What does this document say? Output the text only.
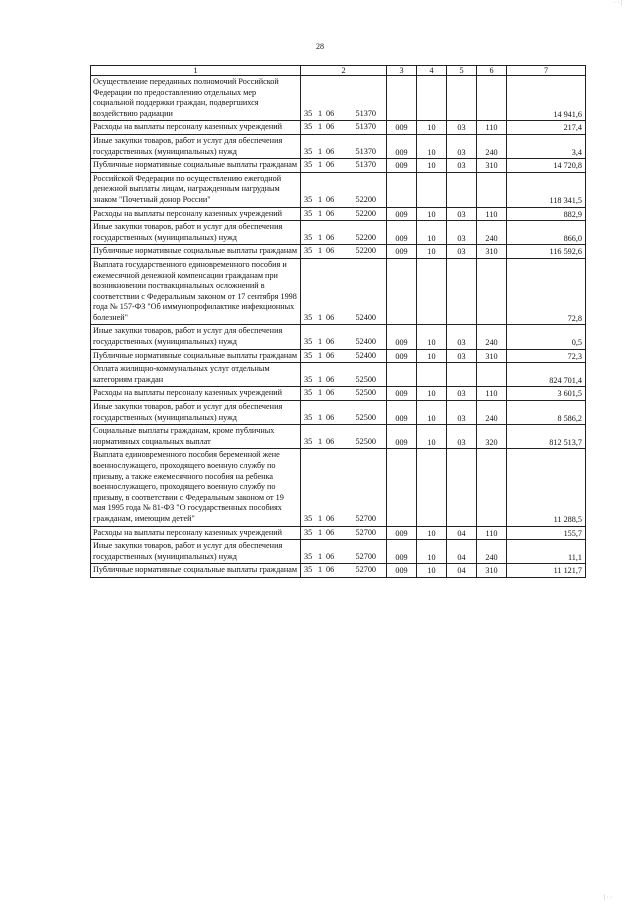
· · |
28
1	2	3	4	5	6	7
Осуществление переданных полномочий Российской Федерации по предоставлению отдельных мер социальной поддержки граждан, подвергшихся воздействию радиации	35 1 06 51370					14 941,6
Расходы на выплаты персоналу казенных учреждений	35 1 06 51370	009	10	03	110	217,4
Иные закупки товаров, работ и услуг для обеспечения государственных (муниципальных) нужд	35 1 06 51370	009	10	03	240	3,4
Публичные нормативные социальные выплаты гражданам	35 1 06 51370	009	10	03	310	14 720,8
Российской Федерации по осуществлению ежегодной денежной выплаты лицам, награжденным нагрудным знаком "Почетный донор России"	35 1 06 52200					118 341,5
Расходы на выплаты персоналу казенных учреждений	35 1 06 52200	009	10	03	110	882,9
Иные закупки товаров, работ и услуг для обеспечения государственных (муниципальных) нужд	35 1 06 52200	009	10	03	240	866,0
Публичные нормативные социальные выплаты гражданам	35 1 06 52200	009	10	03	310	116 592,6
Выплата государственного единовременного пособия и ежемесячной денежной компенсации гражданам при возникновении поствакцинальных осложнений в соответствии с Федеральным законом от 17 сентября 1998 года № 157-ФЗ "Об иммунопрофилактике инфекционных болезней"	35 1 06 52400					72,8
Иные закупки товаров, работ и услуг для обеспечения государственных (муниципальных) нужд	35 1 06 52400	009	10	03	240	0,5
Публичные нормативные социальные выплаты гражданам	35 1 06 52400	009	10	03	310	72,3
Оплата жилищно-коммунальных услуг отдельным категориям граждан	35 1 06 52500					824 701,4
Расходы на выплаты персоналу казенных учреждений	35 1 06 52500	009	10	03	110	3 601,5
Иные закупки товаров, работ и услуг для обеспечения государственных (муниципальных) нужд	35 1 06 52500	009	10	03	240	8 586,2
Социальные выплаты гражданам, кроме публичных нормативных социальных выплат	35 1 06 52500	009	10	03	320	812 513,7
Выплата единовременного пособия беременной жене военнослужащего, проходящего военную службу по призыву, а также ежемесячного пособия на ребенка военнослужащего, проходящего военную службу по призыву, в соответствии с Федеральным законом от 19 мая 1995 года № 81-ФЗ "О государственных пособиях гражданам, имеющим детей"	35 1 06 52700					11 288,5
Расходы на выплаты персоналу казенных учреждений	35 1 06 52700	009	10	04	110	155,7
Иные закупки товаров, работ и услуг для обеспечения государственных (муниципальных) нужд	35 1 06 52700	009	10	04	240	11,1
Публичные нормативные социальные выплаты гражданам	35 1 06 52700	009	10	04	310	11 121,7
| · ·
